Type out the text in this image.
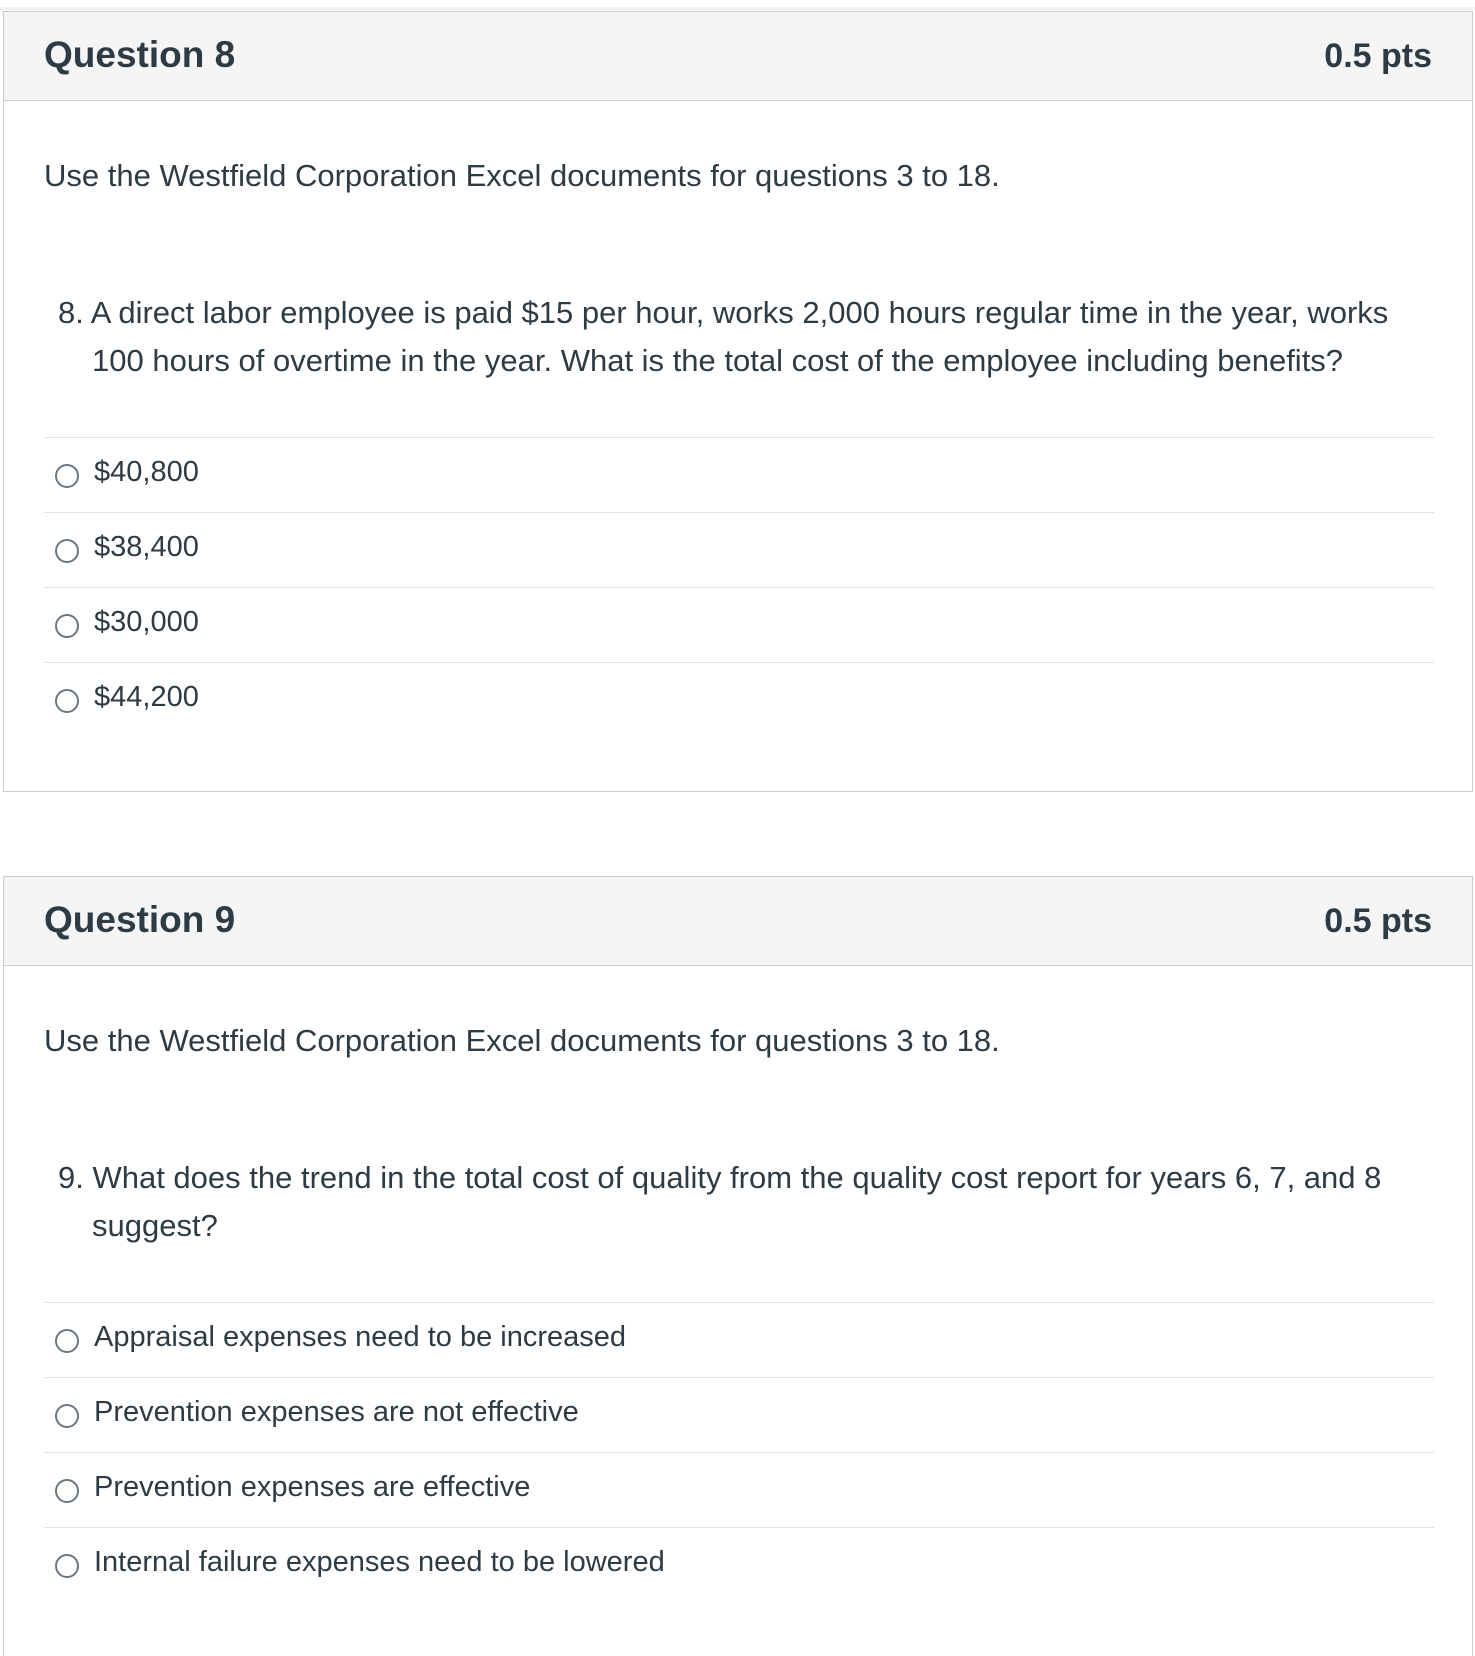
Question 8	0.5 pts
Use the Westfield Corporation Excel documents for questions 3 to 18.
8. A direct labor employee is paid $15 per hour, works 2,000 hours regular time in the year, works 100 hours of overtime in the year. What is the total cost of the employee including benefits?
$40,800
$38,400
$30,000
$44,200
Question 9	0.5 pts
Use the Westfield Corporation Excel documents for questions 3 to 18.
9. What does the trend in the total cost of quality from the quality cost report for years 6, 7, and 8 suggest?
Appraisal expenses need to be increased
Prevention expenses are not effective
Prevention expenses are effective
Internal failure expenses need to be lowered
